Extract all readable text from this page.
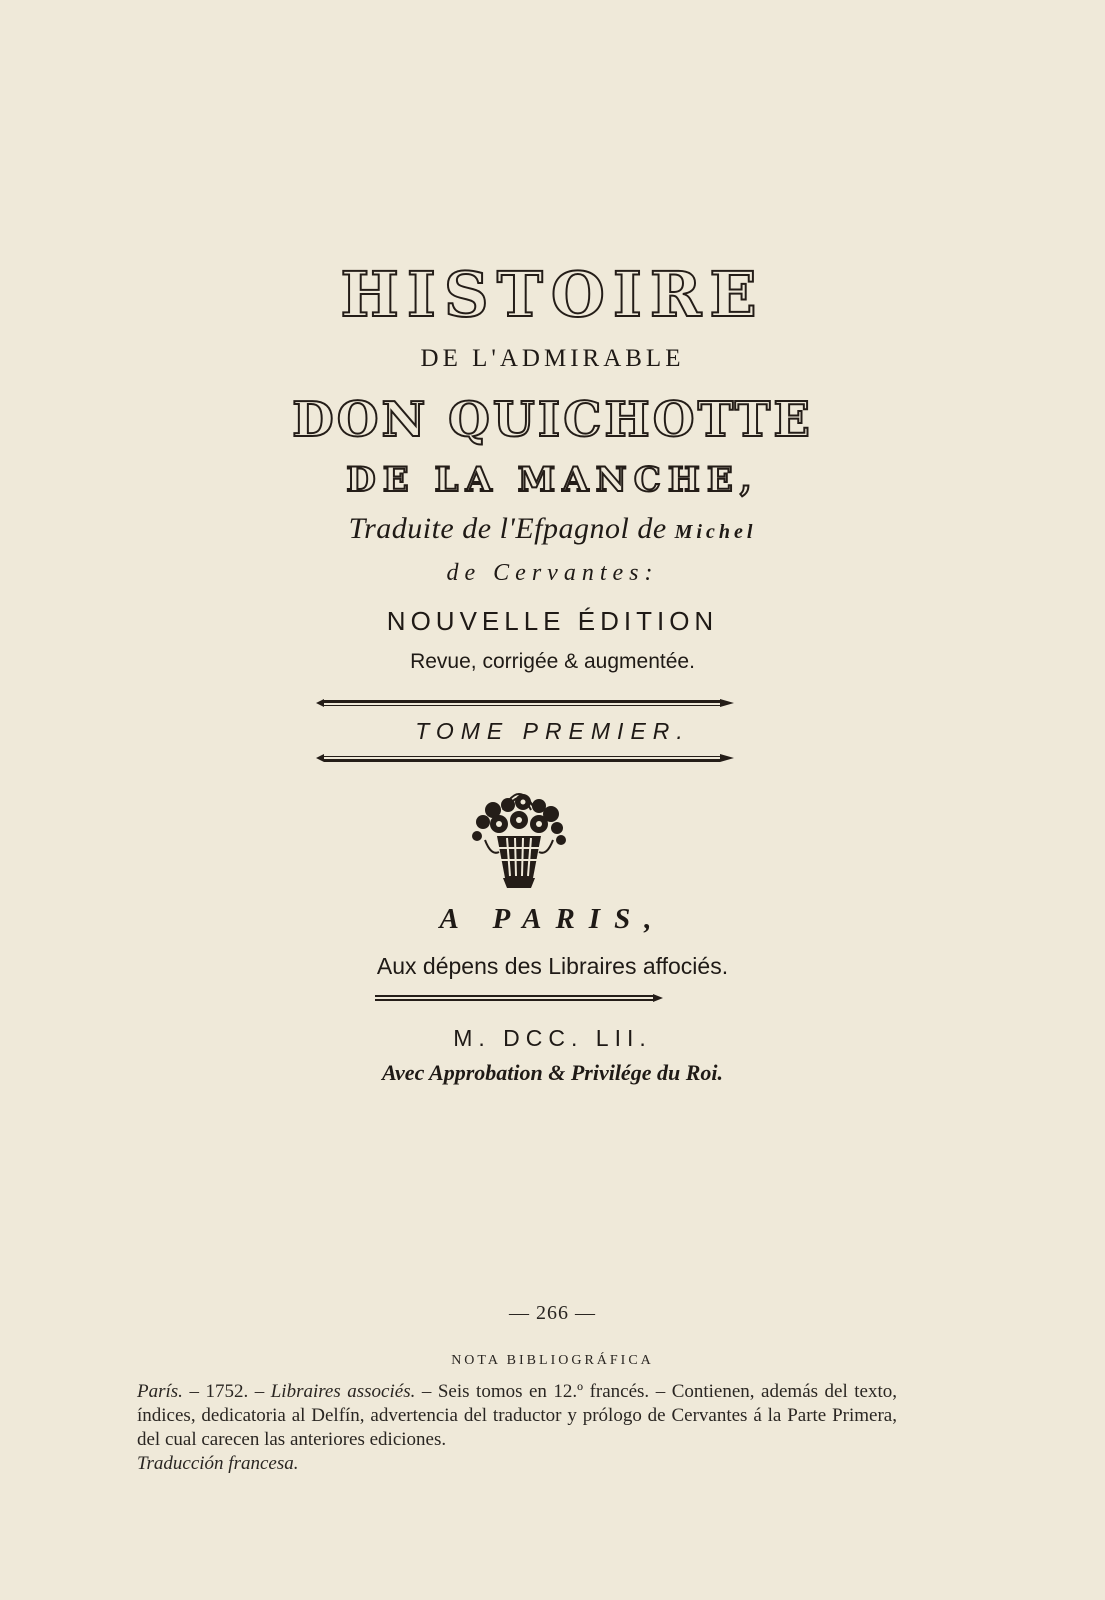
HISTOIRE
DE L'ADMIRABLE
DON QUICHOTTE
DE LA MANCHE,
Traduite de l'Efpagnol de Michel
de Cervantes:
NOUVELLE ÉDITION
Revue, corrigée & augmentée.
TOME PREMIER.
A PARIS,
Aux dépens des Libraires affociés.
M. DCC. LII.
Avec Approbation & Privilége du Roi.
— 266 —
NOTA BIBLIOGRÁFICA

París. – 1752. – Libraires associés. – Seis tomos en 12.º francés. – Contienen, además del texto, índices, dedicatoria al Delfín, advertencia del traductor y prólogo de Cervantes á la Parte Primera, del cual carecen las anteriores ediciones.

Traducción francesa.
